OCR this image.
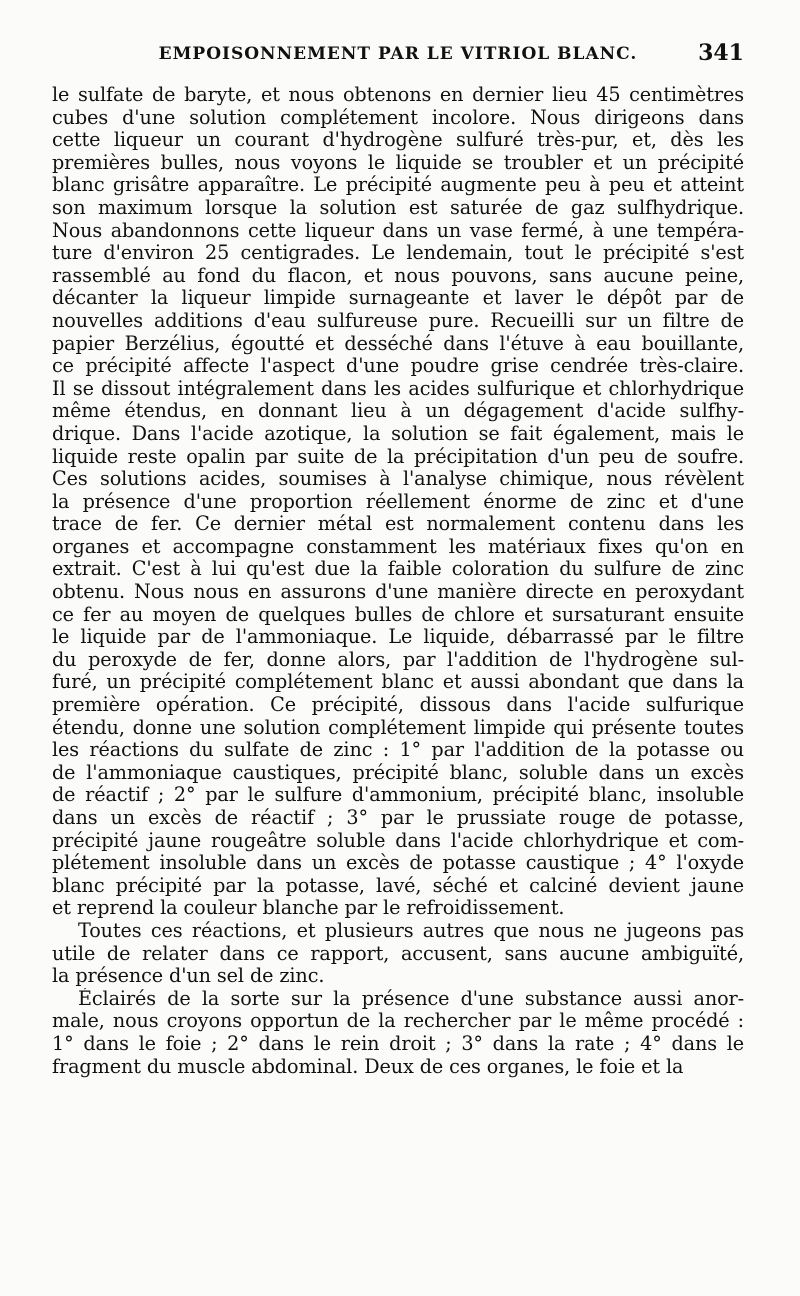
EMPOISONNEMENT PAR LE VITRIOL BLANC.	341
le sulfate de baryte, et nous obtenons en dernier lieu 45 centimètres
cubes d'une solution complétement incolore. Nous dirigeons dans
cette liqueur un courant d'hydrogène sulfuré très-pur, et, dès les
premières bulles, nous voyons le liquide se troubler et un précipité
blanc grisâtre apparaître. Le précipité augmente peu à peu et atteint
son maximum lorsque la solution est saturée de gaz sulfhydrique.
Nous abandonnons cette liqueur dans un vase fermé, à une tempéra-
ture d'environ 25 centigrades. Le lendemain, tout le précipité s'est
rassemblé au fond du flacon, et nous pouvons, sans aucune peine,
décanter la liqueur limpide surnageante et laver le dépôt par de
nouvelles additions d'eau sulfureuse pure. Recueilli sur un filtre de
papier Berzélius, égoutté et desséché dans l'étuve à eau bouillante,
ce précipité affecte l'aspect d'une poudre grise cendrée très-claire.
Il se dissout intégralement dans les acides sulfurique et chlorhydrique
même étendus, en donnant lieu à un dégagement d'acide sulfhy-
drique. Dans l'acide azotique, la solution se fait également, mais le
liquide reste opalin par suite de la précipitation d'un peu de soufre.
Ces solutions acides, soumises à l'analyse chimique, nous révèlent
la présence d'une proportion réellement énorme de zinc et d'une
trace de fer. Ce dernier métal est normalement contenu dans les
organes et accompagne constamment les matériaux fixes qu'on en
extrait. C'est à lui qu'est due la faible coloration du sulfure de zinc
obtenu. Nous nous en assurons d'une manière directe en peroxydant
ce fer au moyen de quelques bulles de chlore et sursaturant ensuite
le liquide par de l'ammoniaque. Le liquide, débarrassé par le filtre
du peroxyde de fer, donne alors, par l'addition de l'hydrogène sul-
furé, un précipité complétement blanc et aussi abondant que dans la
première opération. Ce précipité, dissous dans l'acide sulfurique
étendu, donne une solution complétement limpide qui présente toutes
les réactions du sulfate de zinc : 1° par l'addition de la potasse ou
de l'ammoniaque caustiques, précipité blanc, soluble dans un excès
de réactif ; 2° par le sulfure d'ammonium, précipité blanc, insoluble
dans un excès de réactif ; 3° par le prussiate rouge de potasse,
précipité jaune rougeâtre soluble dans l'acide chlorhydrique et com-
plétement insoluble dans un excès de potasse caustique ; 4° l'oxyde
blanc précipité par la potasse, lavé, séché et calciné devient jaune
et reprend la couleur blanche par le refroidissement.
Toutes ces réactions, et plusieurs autres que nous ne jugeons pas
utile de relater dans ce rapport, accusent, sans aucune ambiguïté,
la présence d'un sel de zinc.
Éclairés de la sorte sur la présence d'une substance aussi anor-
male, nous croyons opportun de la rechercher par le même procédé :
1° dans le foie ; 2° dans le rein droit ; 3° dans la rate ; 4° dans le
fragment du muscle abdominal. Deux de ces organes, le foie et la
